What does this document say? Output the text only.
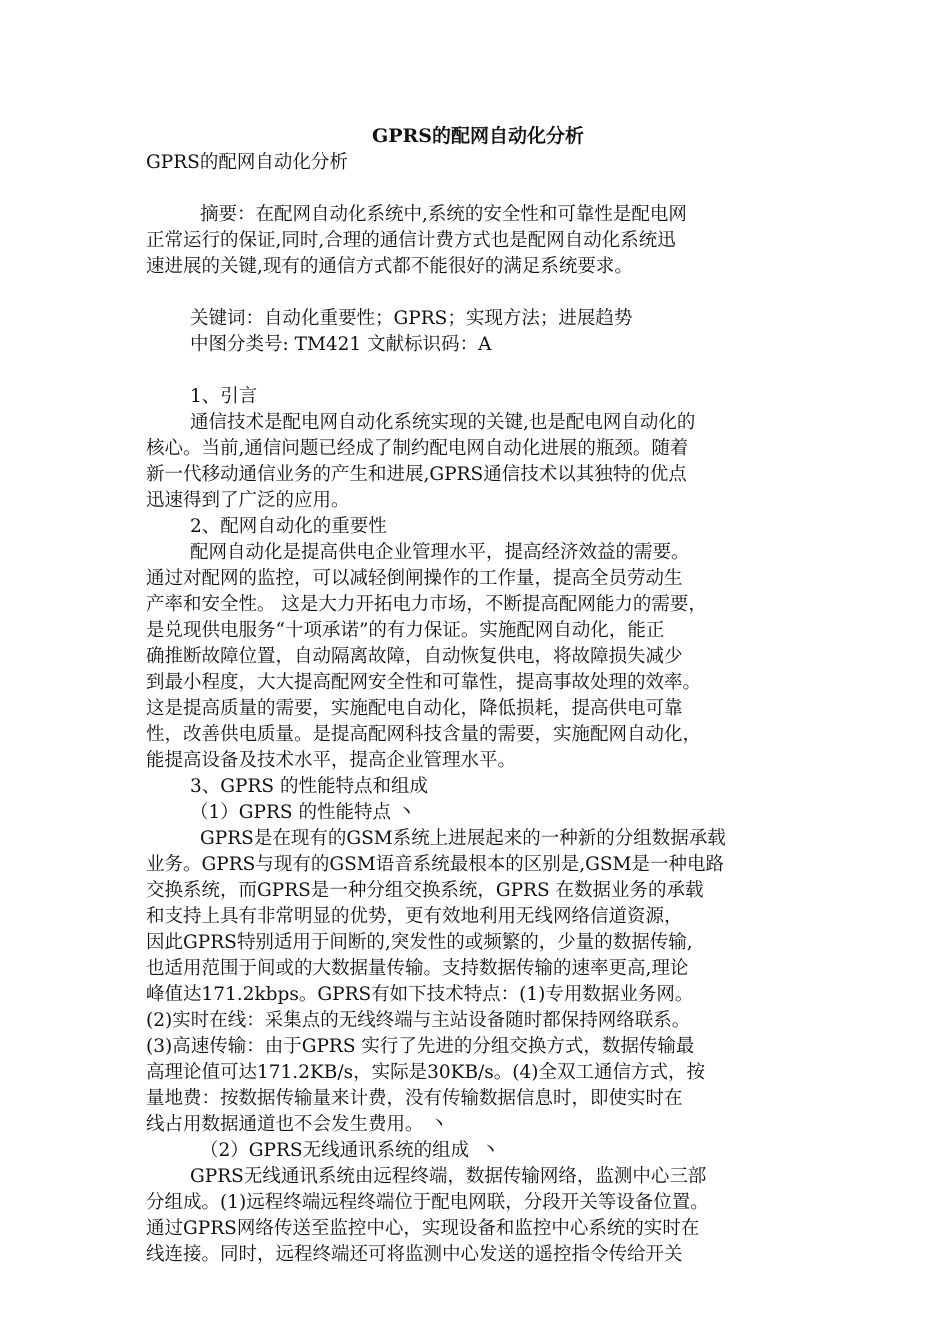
GPRS的配网自动化分析

GPRS的配网自动化分析

摘要：在配网自动化系统中,系统的安全性和可靠性是配电网

正常运行的保证,同时,合理的通信计费方式也是配网自动化系统迅

速进展的关键,现有的通信方式都不能很好的满足系统要求。

关键词：自动化重要性；GPRS；实现方法；进展趋势

中图分类号: TM421 文献标识码：A

1、引言

通信技术是配电网自动化系统实现的关键,也是配电网自动化的

核心。当前,通信问题已经成了制约配电网自动化进展的瓶颈。随着

新一代移动通信业务的产生和进展,GPRS通信技术以其独特的优点

迅速得到了广泛的应用。

2、配网自动化的重要性

配网自动化是提高供电企业管理水平，提高经济效益的需要。

通过对配网的监控，可以减轻倒闸操作的工作量，提高全员劳动生

产率和安全性。 这是大力开拓电力市场，不断提高配网能力的需要，

是兑现供电服务“十项承诺”的有力保证。实施配网自动化，能正

确推断故障位置，自动隔离故障，自动恢复供电，将故障损失减少

到最小程度，大大提高配网安全性和可靠性，提高事故处理的效率。

这是提高质量的需要，实施配电自动化，降低损耗，提高供电可靠

性，改善供电质量。是提高配网科技含量的需要，实施配网自动化，

能提高设备及技术水平，提高企业管理水平。

3、GPRS 的性能特点和组成

（1）GPRS 的性能特点 丶

GPRS是在现有的GSM系统上进展起来的一种新的分组数据承载

业务。GPRS与现有的GSM语音系统最根本的区别是,GSM是一种电路

交换系统，而GPRS是一种分组交换系统，GPRS 在数据业务的承载

和支持上具有非常明显的优势，更有效地利用无线网络信道资源，

因此GPRS特别适用于间断的,突发性的或频繁的，少量的数据传输,

也适用范围于间或的大数据量传输。支持数据传输的速率更高,理论

峰值达171.2kbps。GPRS有如下技术特点：(1)专用数据业务网。

(2)实时在线：采集点的无线终端与主站设备随时都保持网络联系。

(3)高速传输：由于GPRS 实行了先进的分组交换方式，数据传输最

高理论值可达171.2KB/s，实际是30KB/s。(4)全双工通信方式，按

量地费：按数据传输量来计费，没有传输数据信息时，即使实时在

线占用数据通道也不会发生费用。 丶

（2）GPRS无线通讯系统的组成  丶

GPRS无线通讯系统由远程终端，数据传输网络，监测中心三部

分组成。(1)远程终端远程终端位于配电网联，分段开关等设备位置。

通过GPRS网络传送至监控中心，实现设备和监控中心系统的实时在

线连接。同时，远程终端还可将监测中心发送的遥控指令传给开关
